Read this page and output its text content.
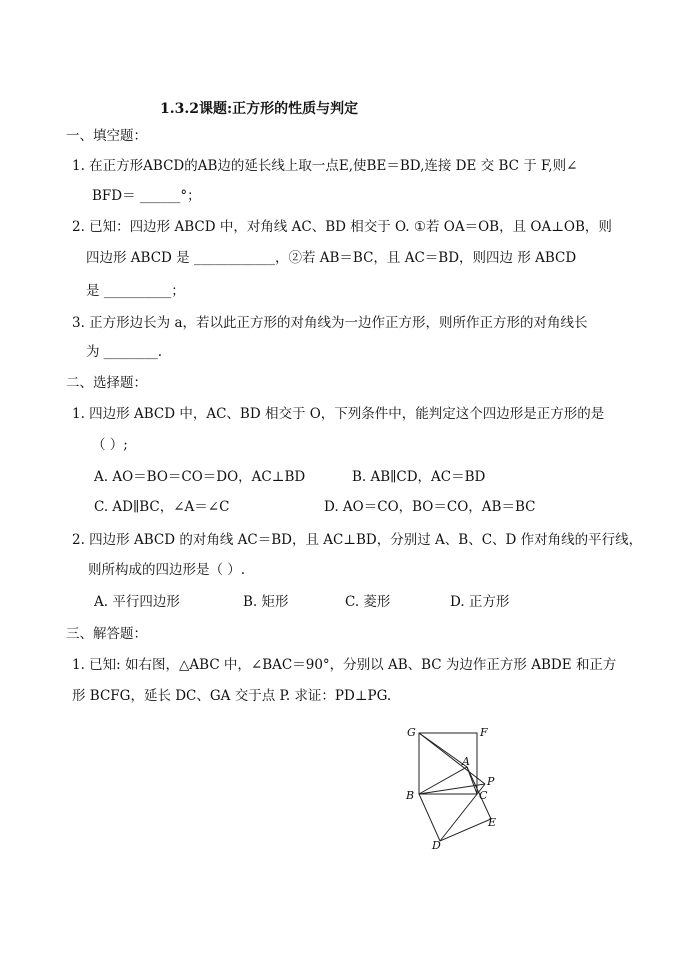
1.3.2课题:正方形的性质与判定
一、填空题：
1. 在正方形ABCD的AB边的延长线上取一点E,使BE＝BD,连接 DE 交 BC 于 F,则∠
BFD＝ ______°；
2. 已知：四边形 ABCD 中，对角线 AC、BD 相交于 O. ①若 OA＝OB，且 OA⊥OB，则
四边形 ABCD 是 ____________，②若 AB＝BC，且 AC＝BD，则四边 形 ABCD
是 __________；
3. 正方形边长为 a，若以此正方形的对角线为一边作正方形，则所作正方形的对角线长
为 ________.
二、选择题：
1. 四边形 ABCD 中，AC、BD 相交于 O，下列条件中，能判定这个四边形是正方形的是
（ ）;
A. AO＝BO＝CO＝DO，AC⊥BD	B. AB∥CD，AC＝BD
C. AD∥BC，∠A＝∠C	D. AO＝CO，BO＝CO，AB＝BC
2. 四边形 ABCD 的对角线 AC＝BD，且 AC⊥BD，分别过 A、B、C、D 作对角线的平行线，
则所构成的四边形是（ ）.
A. 平行四边形	B. 矩形	C. 菱形	D. 正方形
三、解答题：
1. 已知: 如右图，△ABC 中，∠BAC＝90°，分别以 AB、BC 为边作正方形 ABDE 和正方
形 BCFG，延长 DC、GA 交于点 P. 求证：PD⊥PG.
G	F
A
P
B	C
E
D
